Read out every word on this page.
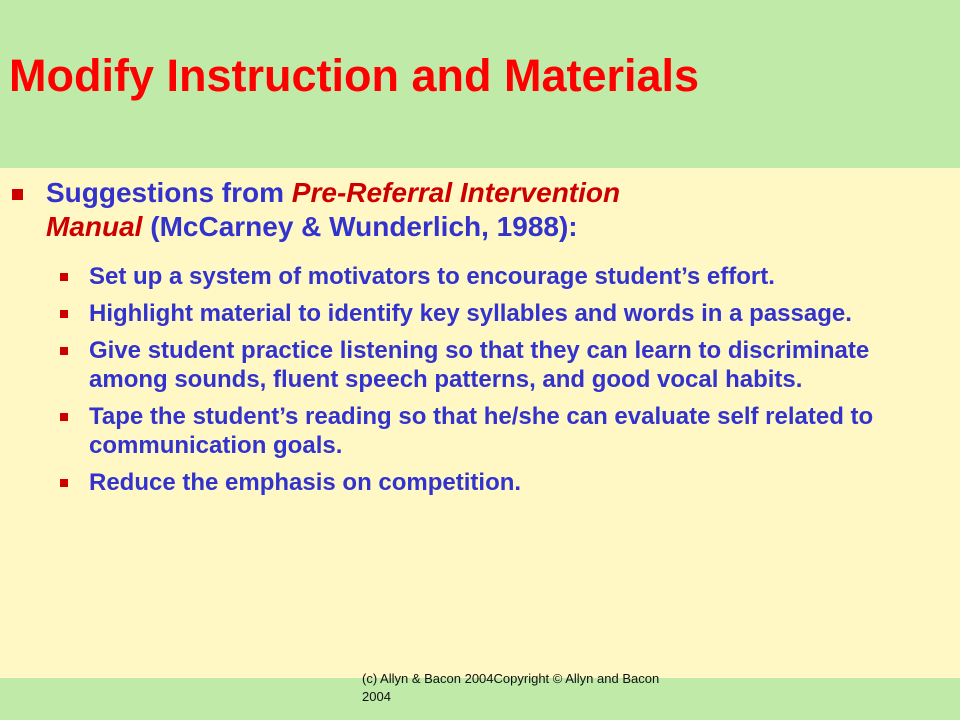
Modify Instruction and Materials

Suggestions from Pre-Referral Intervention
Manual (McCarney & Wunderlich, 1988):

Set up a system of motivators to encourage student’s effort.
Highlight material to identify key syllables and words in a passage.
Give student practice listening so that they can learn to discriminate among sounds, fluent speech patterns, and good vocal habits.
Tape the student’s reading so that he/she can evaluate self related to communication goals.
Reduce the emphasis on competition.
(c) Allyn & Bacon 2004Copyright © Allyn and Bacon 2004
